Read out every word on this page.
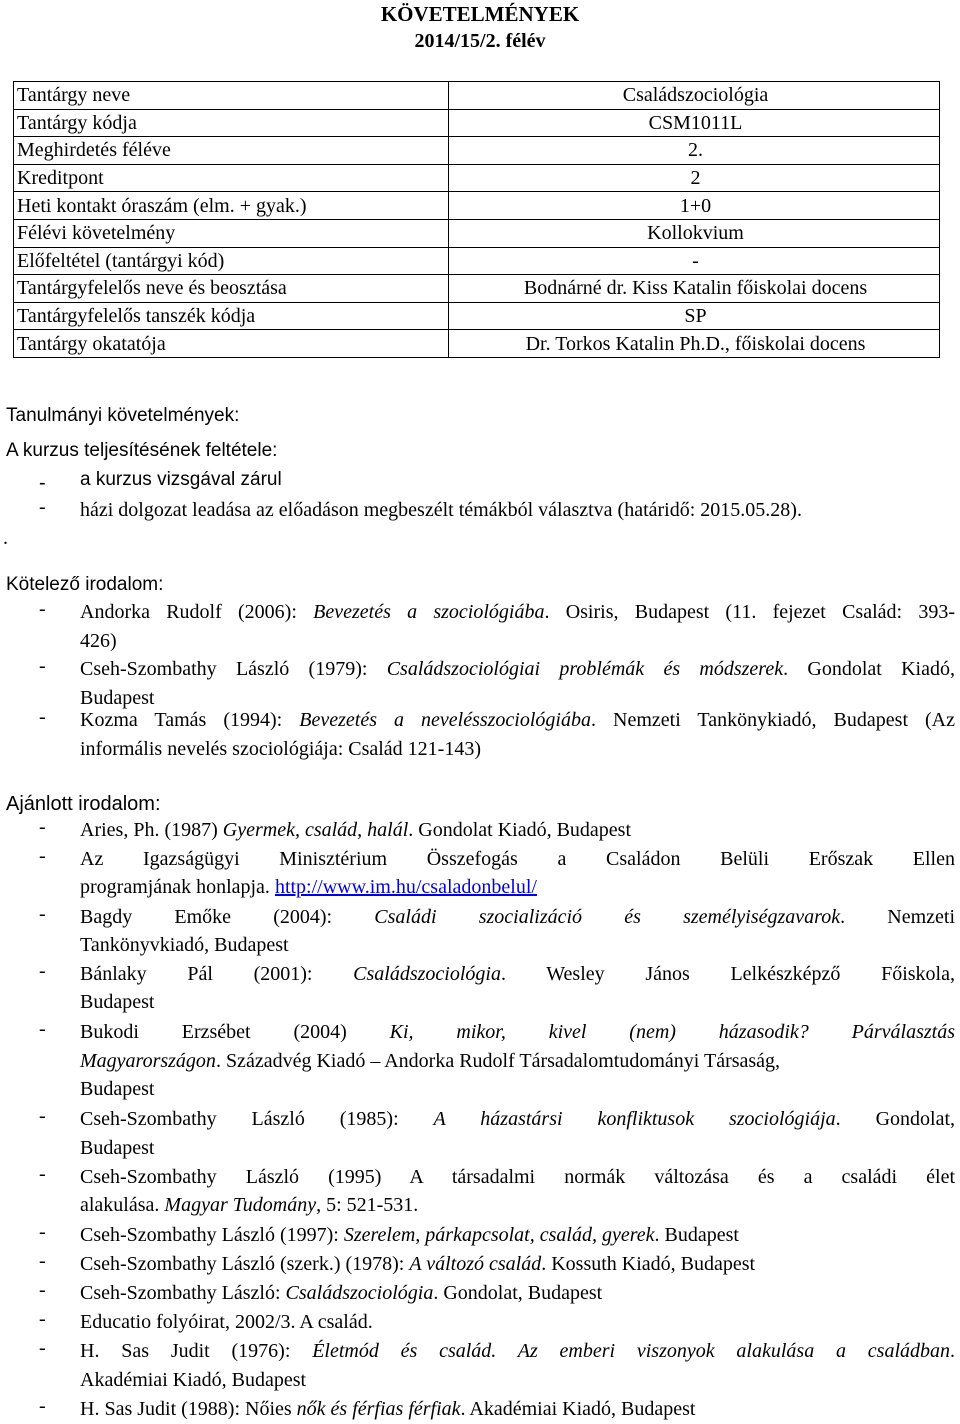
KÖVETELMÉNYEK
2014/15/2. félév
Tantárgy neve	Családszociológia
Tantárgy kódja	CSM1011L
Meghirdetés féléve	2.
Kreditpont	2
Heti kontakt óraszám (elm. + gyak.)	1+0
Félévi követelmény	Kollokvium
Előfeltétel (tantárgyi kód)	-
Tantárgyfelelős neve és beosztása	Bodnárné dr. Kiss Katalin főiskolai docens
Tantárgyfelelős tanszék kódja	SP
Tantárgy okatatója	Dr. Torkos Katalin Ph.D., főiskolai docens
Tanulmányi követelmények:
A kurzus teljesítésének feltétele:
- a kurzus vizsgával zárul
- házi dolgozat leadása az előadáson megbeszélt témákból választva (határidő: 2015.05.28).
.
Kötelező irodalom:
Ajánlott irodalom:
- Andorka Rudolf (2006): Bevezetés a szociológiába. Osiris, Budapest (11. fejezet Család: 393-
426)
- Cseh-Szombathy László (1979): Családszociológiai problémák és módszerek. Gondolat Kiadó,
Budapest
- Kozma Tamás (1994): Bevezetés a nevelésszociológiába. Nemzeti Tankönykiadó, Budapest (Az
informális nevelés szociológiája: Család 121-143)
- Aries, Ph. (1987) Gyermek, család, halál. Gondolat Kiadó, Budapest
- Az Igazságügyi Minisztérium Összefogás a Családon Belüli Erőszak Ellen
programjának honlapja. http://www.im.hu/csaladonbelul/
- Bagdy Emőke (2004): Családi szocializáció és személyiségzavarok. Nemzeti
Tankönyvkiadó, Budapest
- Bánlaky Pál (2001): Családszociológia. Wesley János Lelkészképző Főiskola,
Budapest
- Bukodi Erzsébet (2004) Ki, mikor, kivel (nem) házasodik? Párválasztás
Magyarországon. Századvég Kiadó – Andorka Rudolf Társadalomtudományi Társaság,
Budapest
- Cseh-Szombathy László (1985): A házastársi konfliktusok szociológiája. Gondolat,
Budapest
- Cseh-Szombathy László (1995) A társadalmi normák változása és a családi élet
alakulása. Magyar Tudomány, 5: 521-531.
- Cseh-Szombathy László (1997): Szerelem, párkapcsolat, család, gyerek. Budapest
- Cseh-Szombathy László (szerk.) (1978): A változó család. Kossuth Kiadó, Budapest
- Cseh-Szombathy László: Családszociológia. Gondolat, Budapest
- Educatio folyóirat, 2002/3. A család.
- H. Sas Judit (1976): Életmód és család. Az emberi viszonyok alakulása a családban.
Akadémiai Kiadó, Budapest
- H. Sas Judit (1988): Nőies nők és férfias férfiak. Akadémiai Kiadó, Budapest
